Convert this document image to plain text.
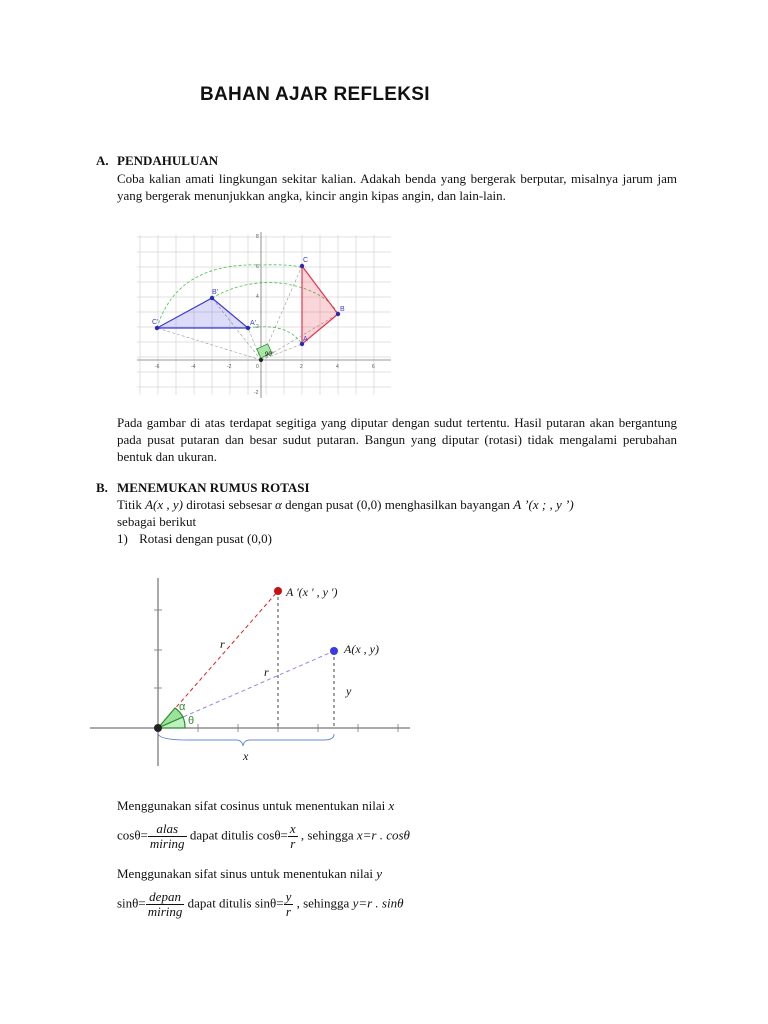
BAHAN AJAR REFLEKSI
A. PENDAHULUAN
Coba kalian amati lingkungan sekitar kalian. Adakah benda yang bergerak berputar, misalnya jarum jam yang bergerak menunjukkan angka, kincir angin kipas angin, dan lain-lain.
90°
C'
B'
A'
C
B
A
-6	-4	-2	0	2	4	6
8
6
4
2
-2
Pada gambar di atas terdapat segitiga yang diputar dengan sudut tertentu. Hasil putaran akan bergantung pada pusat putaran dan besar sudut putaran. Bangun yang diputar (rotasi) tidak mengalami perubahan bentuk dan ukuran.
B. MENEMUKAN RUMUS ROTASI
Titik A(x , y) dirotasi sebsesar α dengan pusat (0,0) menghasilkan bayangan A ’(x ; , y ’)
sebagai berikut
1) Rotasi dengan pusat (0,0)
A '(x ' , y ')
A(x , y)
r
r
y
x
α
θ
Menggunakan sifat cosinus untuk menentukan nilai x
$\cos\theta= \frac{\text{alas}}{\text{miring}}$ dapat ditulis $\cos\theta= \frac{x}{r}$ , sehingga x=r . cosθ
Menggunakan sifat sinus untuk menentukan nilai y
$\sin\theta= \frac{\text{depan}}{\text{miring}}$ dapat ditulis $\sin\theta= \frac{y}{r}$ , sehingga y=r . sinθ
